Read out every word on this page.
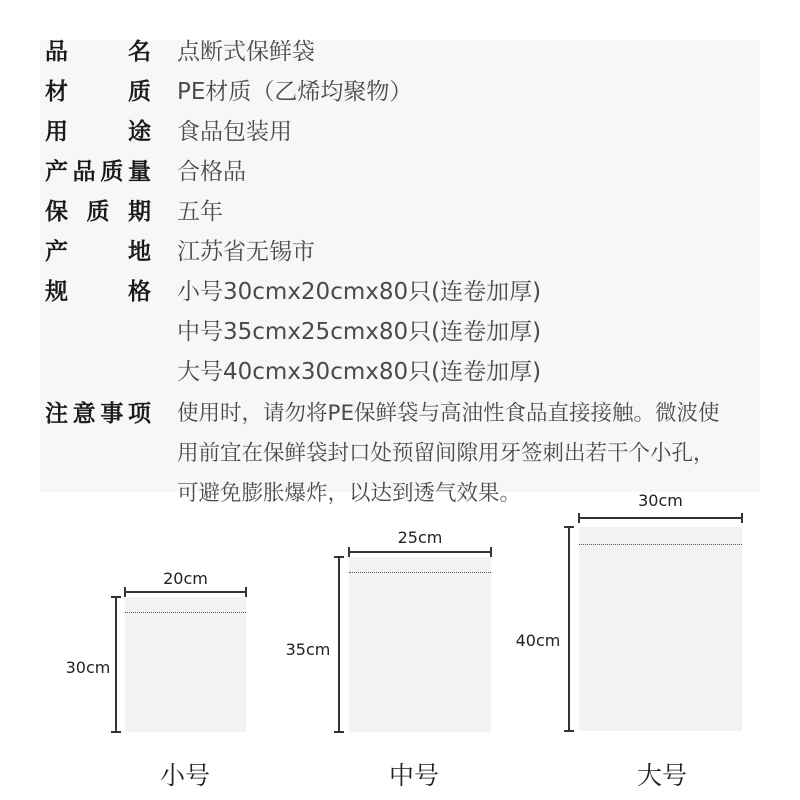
品	名 点断式保鲜袋
材	质 PE材质（乙烯均聚物）
用	途 食品包装用
产 品 质 量 合格品
保 质 期 五年
产	地 江苏省无锡市
规	格 小号30cmx20cmx80只(连卷加厚)
中号35cmx25cmx80只(连卷加厚)
大号40cmx30cmx80只(连卷加厚)
注 意 事 项 使用时，请勿将PE保鲜袋与高油性食品直接接触。微波使
用前宜在保鲜袋封口处预留间隙用牙签刺出若干个小孔，
可避免膨胀爆炸，以达到透气效果。
20cm
30cm
小号
25cm
35cm
中号
30cm
40cm
大号
